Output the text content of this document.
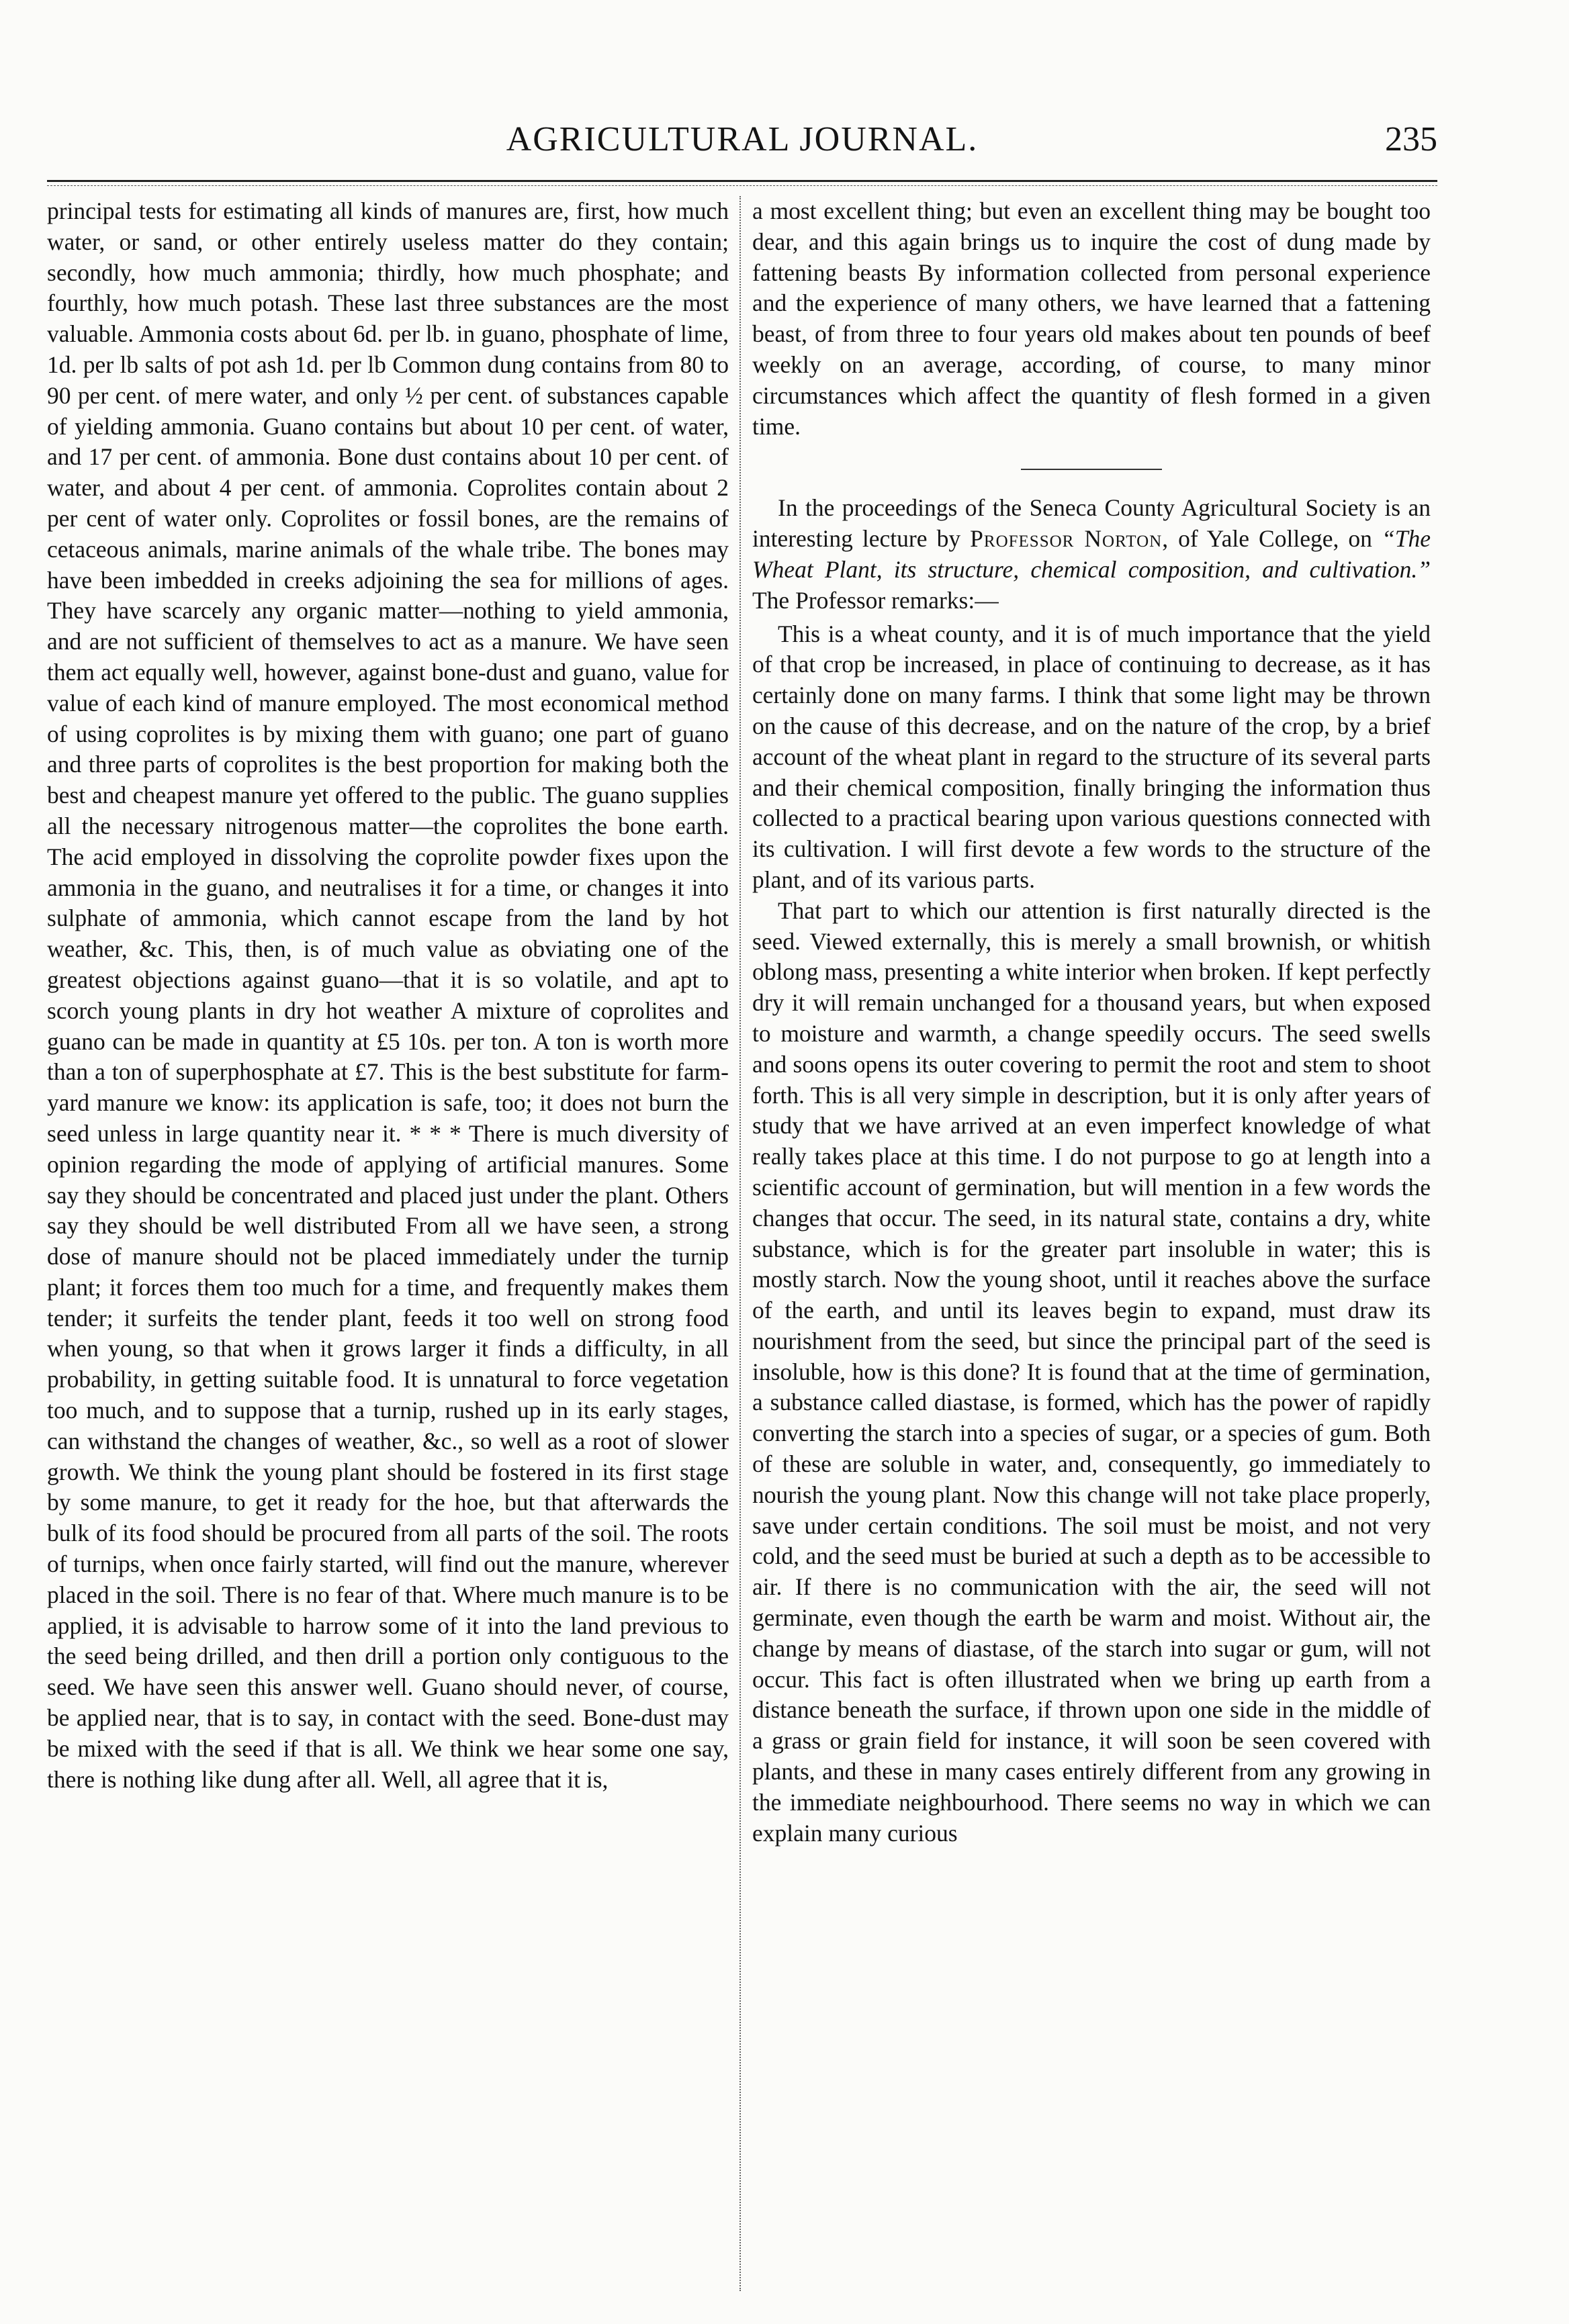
AGRICULTURAL JOURNAL.	235

principal tests for estimating all kinds of manures are, first, how much water, or sand, or other entirely useless matter do they contain; secondly, how much ammonia; thirdly, how much phosphate; and fourthly, how much potash. These last three substances are the most valuable. Ammonia costs about 6d. per lb. in guano, phosphate of lime, 1d. per lb salts of pot ash 1d. per lb Common dung contains from 80 to 90 per cent. of mere water, and only ½ per cent. of substances capable of yielding ammonia. Guano contains but about 10 per cent. of water, and 17 per cent. of ammonia. Bone dust contains about 10 per cent. of water, and about 4 per cent. of ammonia. Coprolites contain about 2 per cent of water only. Coprolites or fossil bones, are the remains of cetaceous animals, marine animals of the whale tribe. The bones may have been imbedded in creeks adjoining the sea for millions of ages. They have scarcely any organic matter—nothing to yield ammonia, and are not sufficient of themselves to act as a manure. We have seen them act equally well, however, against bone-dust and guano, value for value of each kind of manure employed. The most economical method of using coprolites is by mixing them with guano; one part of guano and three parts of coprolites is the best proportion for making both the best and cheapest manure yet offered to the public. The guano supplies all the necessary nitrogenous matter—the coprolites the bone earth. The acid employed in dissolving the coprolite powder fixes upon the ammonia in the guano, and neutralises it for a time, or changes it into sulphate of ammonia, which cannot escape from the land by hot weather, &c. This, then, is of much value as obviating one of the greatest objections against guano—that it is so volatile, and apt to scorch young plants in dry hot weather A mixture of coprolites and guano can be made in quantity at £5 10s. per ton. A ton is worth more than a ton of superphosphate at £7. This is the best substitute for farm-yard manure we know: its application is safe, too; it does not burn the seed unless in large quantity near it. * * * There is much diversity of opinion regarding the mode of applying of artificial manures. Some say they should be concentrated and placed just under the plant. Others say they should be well distributed From all we have seen, a strong dose of manure should not be placed immediately under the turnip plant; it forces them too much for a time, and frequently makes them tender; it surfeits the tender plant, feeds it too well on strong food when young, so that when it grows larger it finds a difficulty, in all probability, in getting suitable food. It is unnatural to force vegetation too much, and to suppose that a turnip, rushed up in its early stages, can withstand the changes of weather, &c., so well as a root of slower growth. We think the young plant should be fostered in its first stage by some manure, to get it ready for the hoe, but that afterwards the bulk of its food should be procured from all parts of the soil. The roots of turnips, when once fairly started, will find out the manure, wherever placed in the soil. There is no fear of that. Where much manure is to be applied, it is advisable to harrow some of it into the land previous to the seed being drilled, and then drill a portion only contiguous to the seed. We have seen this answer well. Guano should never, of course, be applied near, that is to say, in contact with the seed. Bone-dust may be mixed with the seed if that is all. We think we hear some one say, there is nothing like dung after all. Well, all agree that it is,

a most excellent thing; but even an excellent thing may be bought too dear, and this again brings us to inquire the cost of dung made by fattening beasts By information collected from personal experience and the experience of many others, we have learned that a fattening beast, of from three to four years old makes about ten pounds of beef weekly on an average, according, of course, to many minor circumstances which affect the quantity of flesh formed in a given time.

In the proceedings of the Seneca County Agricultural Society is an interesting lecture by Professor Norton, of Yale College, on “The Wheat Plant, its structure, chemical composition, and cultivation.” The Professor remarks:—

This is a wheat county, and it is of much importance that the yield of that crop be increased, in place of continuing to decrease, as it has certainly done on many farms. I think that some light may be thrown on the cause of this decrease, and on the nature of the crop, by a brief account of the wheat plant in regard to the structure of its several parts and their chemical composition, finally bringing the information thus collected to a practical bearing upon various questions connected with its cultivation. I will first devote a few words to the structure of the plant, and of its various parts.

That part to which our attention is first naturally directed is the seed. Viewed externally, this is merely a small brownish, or whitish oblong mass, presenting a white interior when broken. If kept perfectly dry it will remain unchanged for a thousand years, but when exposed to moisture and warmth, a change speedily occurs. The seed swells and soons opens its outer covering to permit the root and stem to shoot forth. This is all very simple in description, but it is only after years of study that we have arrived at an even imperfect knowledge of what really takes place at this time. I do not purpose to go at length into a scientific account of germination, but will mention in a few words the changes that occur. The seed, in its natural state, contains a dry, white substance, which is for the greater part insoluble in water; this is mostly starch. Now the young shoot, until it reaches above the surface of the earth, and until its leaves begin to expand, must draw its nourishment from the seed, but since the principal part of the seed is insoluble, how is this done? It is found that at the time of germination, a substance called diastase, is formed, which has the power of rapidly converting the starch into a species of sugar, or a species of gum. Both of these are soluble in water, and, consequently, go immediately to nourish the young plant. Now this change will not take place properly, save under certain conditions. The soil must be moist, and not very cold, and the seed must be buried at such a depth as to be accessible to air. If there is no communication with the air, the seed will not germinate, even though the earth be warm and moist. Without air, the change by means of diastase, of the starch into sugar or gum, will not occur. This fact is often illustrated when we bring up earth from a distance beneath the surface, if thrown upon one side in the middle of a grass or grain field for instance, it will soon be seen covered with plants, and these in many cases entirely different from any growing in the immediate neighbourhood. There seems no way in which we can explain many curious
